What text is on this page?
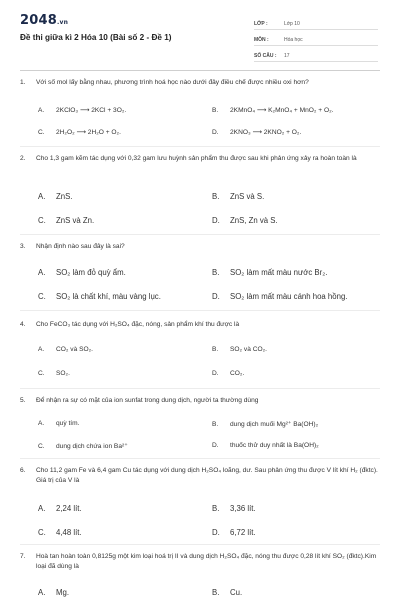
2048.vn
Đề thi giữa kì 2 Hóa 10 (Bài số 2 - Đề 1)
LỚP :	Lớp 10
MÔN :	Hóa học
SỐ CÂU :	17
1.	Với số mol lấy bằng nhau, phương trình hoá học nào dưới đây điều chế được nhiều oxi hơn?
A.	2KClO₃ ⟶ 2KCl + 3O₂.	B.	2KMnO₄ ⟶ K₂MnO₄ + MnO₂ + O₂.
C.	2H₂O₂ ⟶ 2H₂O + O₂.	D.	2KNO₃ ⟶ 2KNO₂ + O₂.
2.	Cho 1,3 gam kẽm tác dụng với 0,32 gam lưu huỳnh sản phẩm thu được sau khi phản ứng xảy ra hoàn toàn là
A.	ZnS.	B.	ZnS và S.
C.	ZnS và Zn.	D.	ZnS, Zn và S.
3.	Nhận định nào sau đây là sai?
A.	SO₂ làm đỏ quỳ ẩm.	B.	SO₂ làm mất màu nước Br₂.
C.	SO₂ là chất khí, màu vàng lục.	D.	SO₂ làm mất màu cánh hoa hồng.
4.	Cho FeCO₃ tác dụng với H₂SO₄ đặc, nóng, sản phẩm khí thu được là
A.	CO₂ và SO₂.	B.	SO₂ và CO₂.
C.	SO₂.	D.	CO₂.
5.	Để nhận ra sự có mặt của ion sunfat trong dung dịch, người ta thường dùng
A.	quỳ tím.	B.	dung dịch muối Mg²⁺ Ba(OH)₂
C.	dung dịch chứa ion Ba²⁺	D.	thuốc thử duy nhất là Ba(OH)₂
6.	Cho 11,2 gam Fe và 6,4 gam Cu tác dụng với dung dịch H₂SO₄ loãng, dư. Sau phản ứng thu được V lít khí H₂ (đktc). Giá trị của V là
A.	2,24 lít.	B.	3,36 lít.
C.	4,48 lít.	D.	6,72 lít.
7.	Hoà tan hoàn toàn 0,8125g một kim loại hoá trị II và dung dịch H₂SO₄ đặc, nóng thu được 0,28 lít khí SO₂ (đktc).Kim loại đã dùng là
A.	Mg.	B.	Cu.
